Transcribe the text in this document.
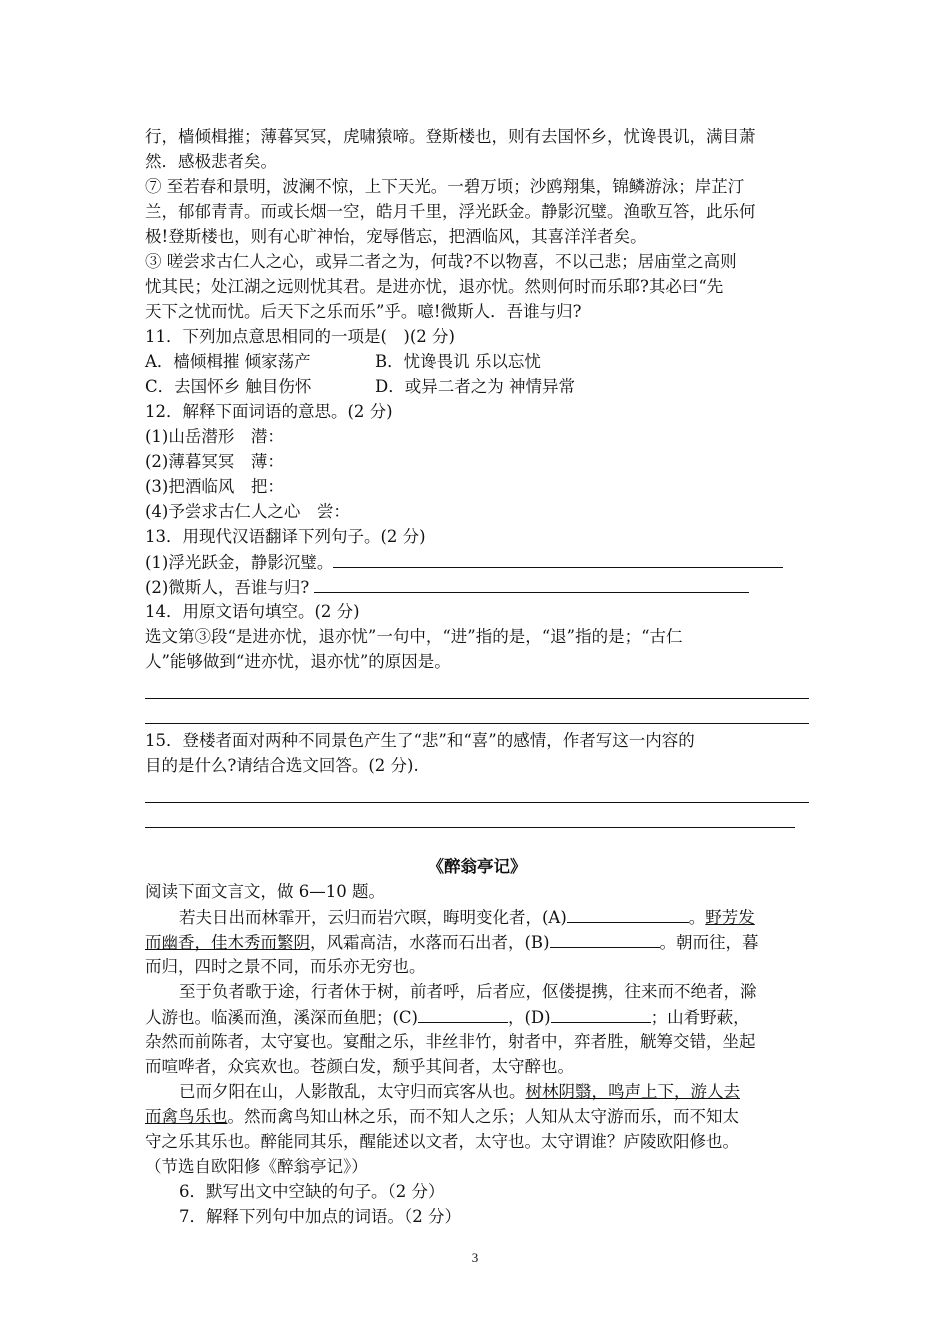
行，樯倾楫摧；薄暮冥冥，虎啸猿啼。登斯楼也，则有去国怀乡，忧谗畏讥，满目萧
然．感极悲者矣。
⑦ 至若春和景明，波澜不惊，上下天光。一碧万顷；沙鸥翔集，锦鳞游泳；岸芷汀
兰，郁郁青青。而或长烟一空，皓月千里，浮光跃金。静影沉璧。渔歌互答，此乐何
极!登斯楼也，则有心旷神怡，宠辱偕忘，把酒临风，其喜洋洋者矣。
③ 嗟尝求古仁人之心，或异二者之为，何哉?不以物喜，不以己悲；居庙堂之高则
忧其民；处江湖之远则忧其君。是进亦忧，退亦忧。然则何时而乐耶?其必曰“先
天下之忧而忧。后天下之乐而乐”乎。噫!微斯人．吾谁与归?
11．下列加点意思相同的一项是(　)(2 分)
A．樯倾楫摧 倾家荡产	B．忧谗畏讥 乐以忘忧
C．去国怀乡 触目伤怀	D．或异二者之为 神情异常
12．解释下面词语的意思。(2 分)
(1)山岳潜形　潜：
(2)薄暮冥冥　薄：
(3)把酒临风　把：
(4)予尝求古仁人之心　尝：
13．用现代汉语翻译下列句子。(2 分)
(1)浮光跃金，静影沉璧。
(2)微斯人，吾谁与归?
14．用原文语句填空。(2 分)
选文第③段“是进亦忧，退亦忧”一句中，“进”指的是，“退”指的是；“古仁
人”能够做到“进亦忧，退亦忧”的原因是。
15．登楼者面对两种不同景色产生了“悲”和“喜”的感情，作者写这一内容的
目的是什么?请结合选文回答。(2 分).
《醉翁亭记》
阅读下面文言文，做 6—10 题。
若夫日出而林霏开，云归而岩穴暝，晦明变化者，(A)	。野芳发
而幽香，佳木秀而繁阴，风霜高洁，水落而石出者，(B)	。朝而往，暮
而归，四时之景不同，而乐亦无穷也。
至于负者歌于途，行者休于树，前者呼，后者应，伛偻提携，往来而不绝者，滁
人游也。临溪而渔，溪深而鱼肥；(C)	，(D)	；山肴野蔌，
杂然而前陈者，太守宴也。宴酣之乐，非丝非竹，射者中，弈者胜，觥筹交错，坐起
而喧哗者，众宾欢也。苍颜白发，颓乎其间者，太守醉也。
已而夕阳在山，人影散乱，太守归而宾客从也。树林阴翳，鸣声上下，游人去
而禽鸟乐也。然而禽鸟知山林之乐，而不知人之乐；人知从太守游而乐，而不知太
守之乐其乐也。醉能同其乐，醒能述以文者，太守也。太守谓谁？庐陵欧阳修也。
（节选自欧阳修《醉翁亭记》）
6．默写出文中空缺的句子。（2 分）
7．解释下列句中加点的词语。（2 分）
3
